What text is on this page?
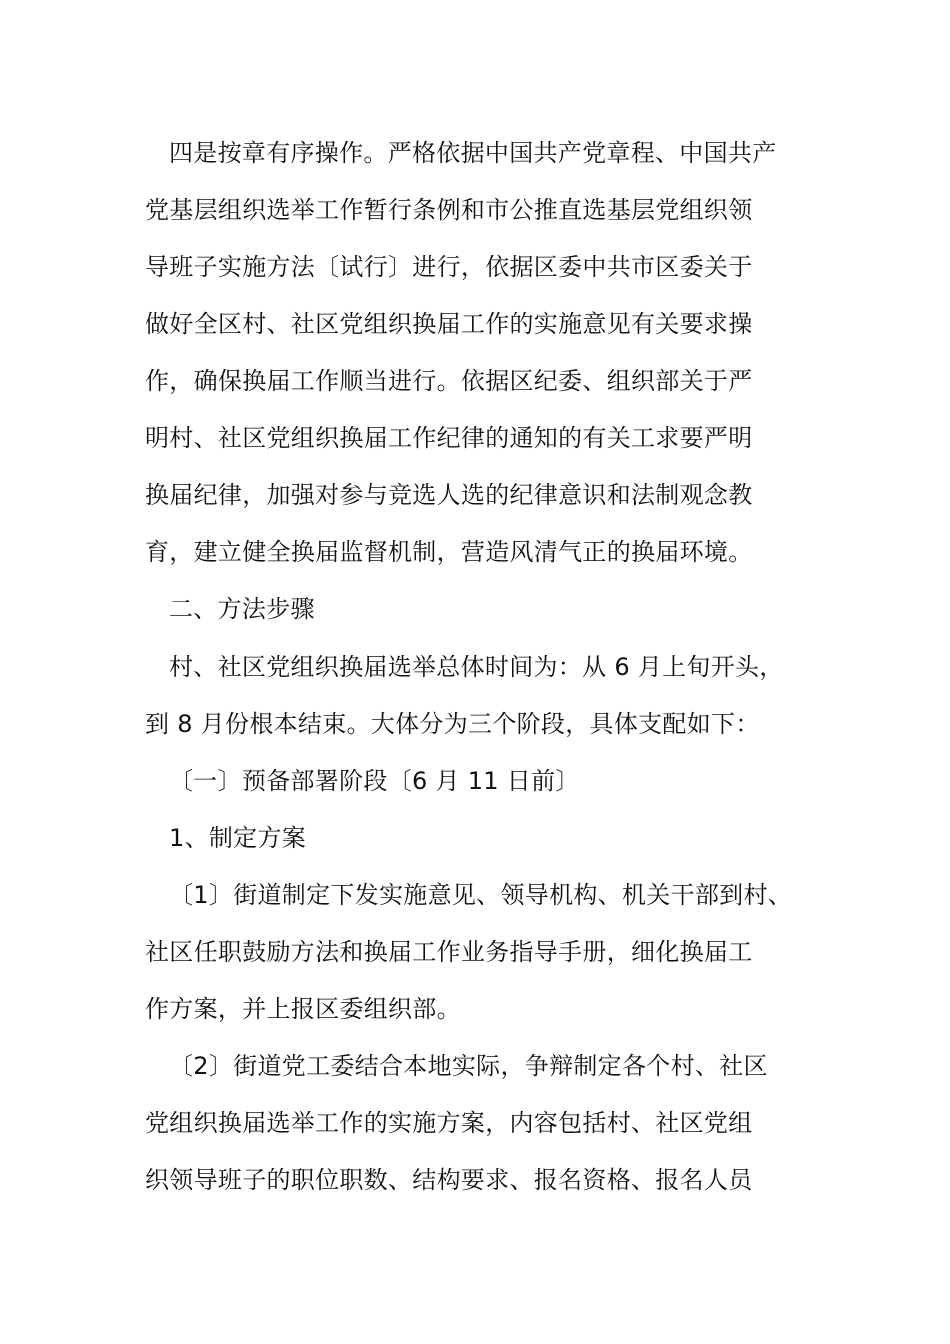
四是按章有序操作。严格依据中国共产党章程、中国共产
党基层组织选举工作暂行条例和市公推直选基层党组织领
导班子实施方法〔试行〕进行，依据区委中共市区委关于
做好全区村、社区党组织换届工作的实施意见有关要求操
作，确保换届工作顺当进行。依据区纪委、组织部关于严
明村、社区党组织换届工作纪律的通知的有关工求要严明
换届纪律，加强对参与竞选人选的纪律意识和法制观念教
育，建立健全换届监督机制，营造风清气正的换届环境。
二、方法步骤
村、社区党组织换届选举总体时间为：从 6 月上旬开头，
到 8 月份根本结束。大体分为三个阶段，具体支配如下：
〔一〕预备部署阶段〔6 月 11 日前〕
1、制定方案
〔1〕街道制定下发实施意见、领导机构、机关干部到村、
社区任职鼓励方法和换届工作业务指导手册，细化换届工
作方案，并上报区委组织部。
〔2〕街道党工委结合本地实际，争辩制定各个村、社区
党组织换届选举工作的实施方案，内容包括村、社区党组
织领导班子的职位职数、结构要求、报名资格、报名人员
